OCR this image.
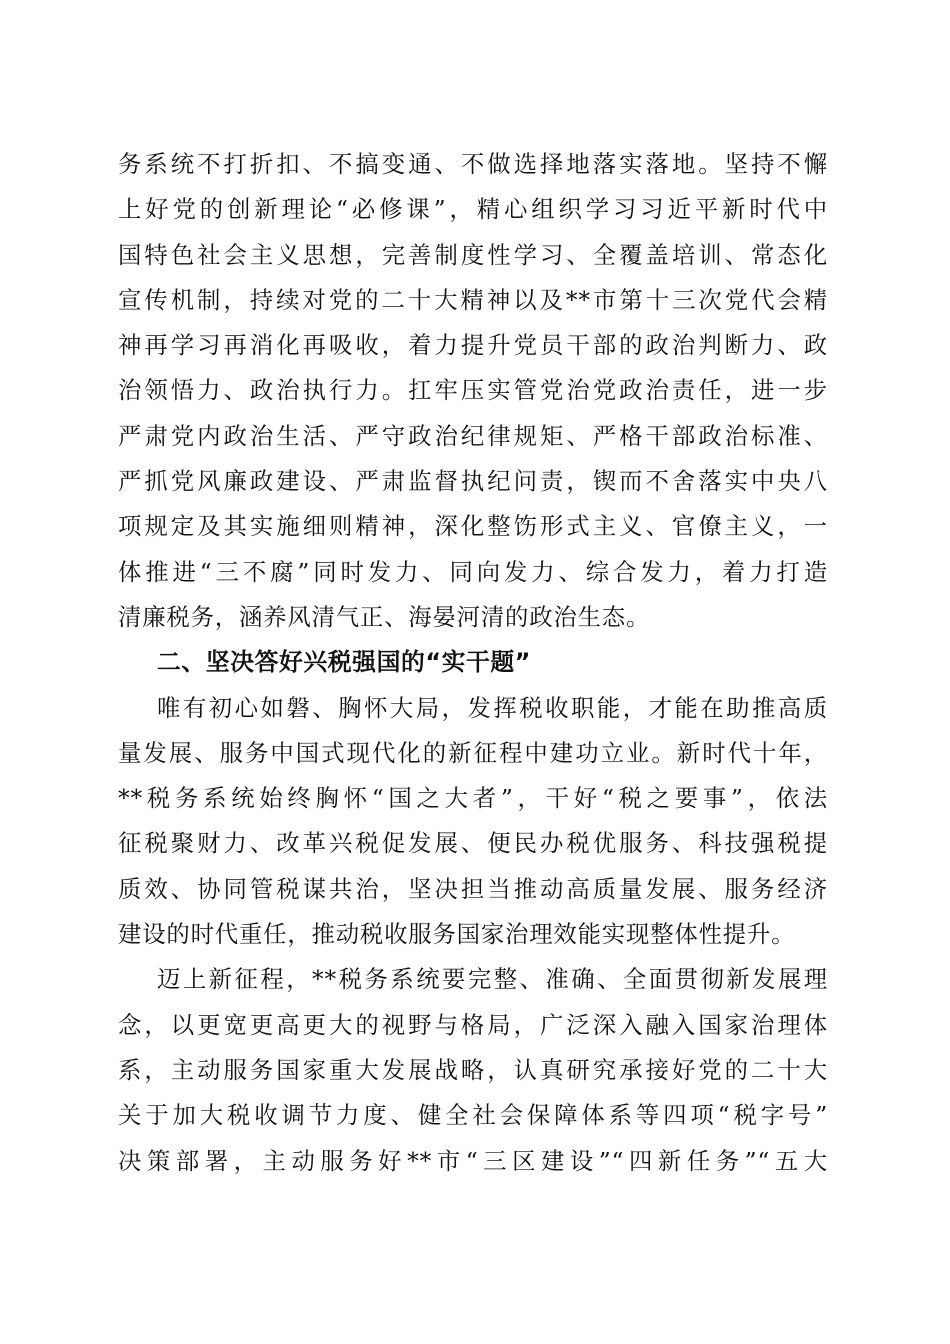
务系统不打折扣、不搞变通、不做选择地落实落地。坚持不懈
上好党的创新理论“必修课”，精心组织学习习近平新时代中
国特色社会主义思想，完善制度性学习、全覆盖培训、常态化
宣传机制，持续对党的二十大精神以及**市第十三次党代会精
神再学习再消化再吸收，着力提升党员干部的政治判断力、政
治领悟力、政治执行力。扛牢压实管党治党政治责任，进一步
严肃党内政治生活、严守政治纪律规矩、严格干部政治标准、
严抓党风廉政建设、严肃监督执纪问责，锲而不舍落实中央八
项规定及其实施细则精神，深化整饬形式主义、官僚主义，一
体推进“三不腐”同时发力、同向发力、综合发力，着力打造
清廉税务，涵养风清气正、海晏河清的政治生态。
二、坚决答好兴税强国的“实干题”
唯有初心如磐、胸怀大局，发挥税收职能，才能在助推高质
量发展、服务中国式现代化的新征程中建功立业。新时代十年，
**税务系统始终胸怀“国之大者”，干好“税之要事”，依法
征税聚财力、改革兴税促发展、便民办税优服务、科技强税提
质效、协同管税谋共治，坚决担当推动高质量发展、服务经济
建设的时代重任，推动税收服务国家治理效能实现整体性提升。
迈上新征程，**税务系统要完整、准确、全面贯彻新发展理
念，以更宽更高更大的视野与格局，广泛深入融入国家治理体
系，主动服务国家重大发展战略，认真研究承接好党的二十大
关于加大税收调节力度、健全社会保障体系等四项“税字号”
决策部署，主动服务好**市“三区建设”“四新任务”“五大
